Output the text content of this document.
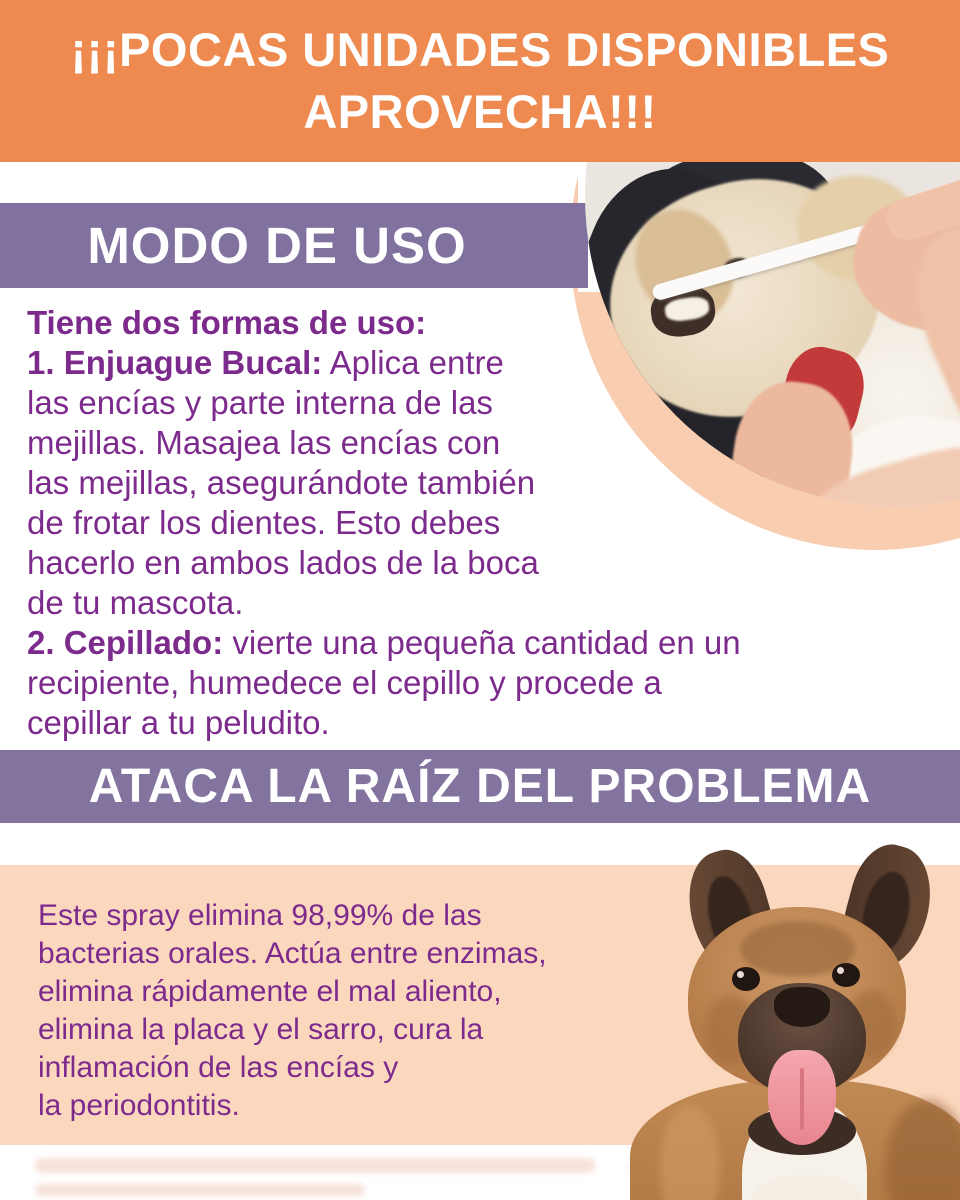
¡¡¡POCAS UNIDADES DISPONIBLES
APROVECHA!!!
MODO DE USO
Tiene dos formas de uso:
1. Enjuague Bucal: Aplica entre
las encías y parte interna de las
mejillas. Masajea las encías con
las mejillas, asegurándote también
de frotar los dientes. Esto debes
hacerlo en ambos lados de la boca
de tu mascota.
2. Cepillado: vierte una pequeña cantidad en un
recipiente, humedece el cepillo y procede a
cepillar a tu peludito.
ATACA LA RAÍZ DEL PROBLEMA
Este spray elimina 98,99% de las
bacterias orales. Actúa entre enzimas,
elimina rápidamente el mal aliento,
elimina la placa y el sarro, cura la
inflamación de las encías y
la periodontitis.
